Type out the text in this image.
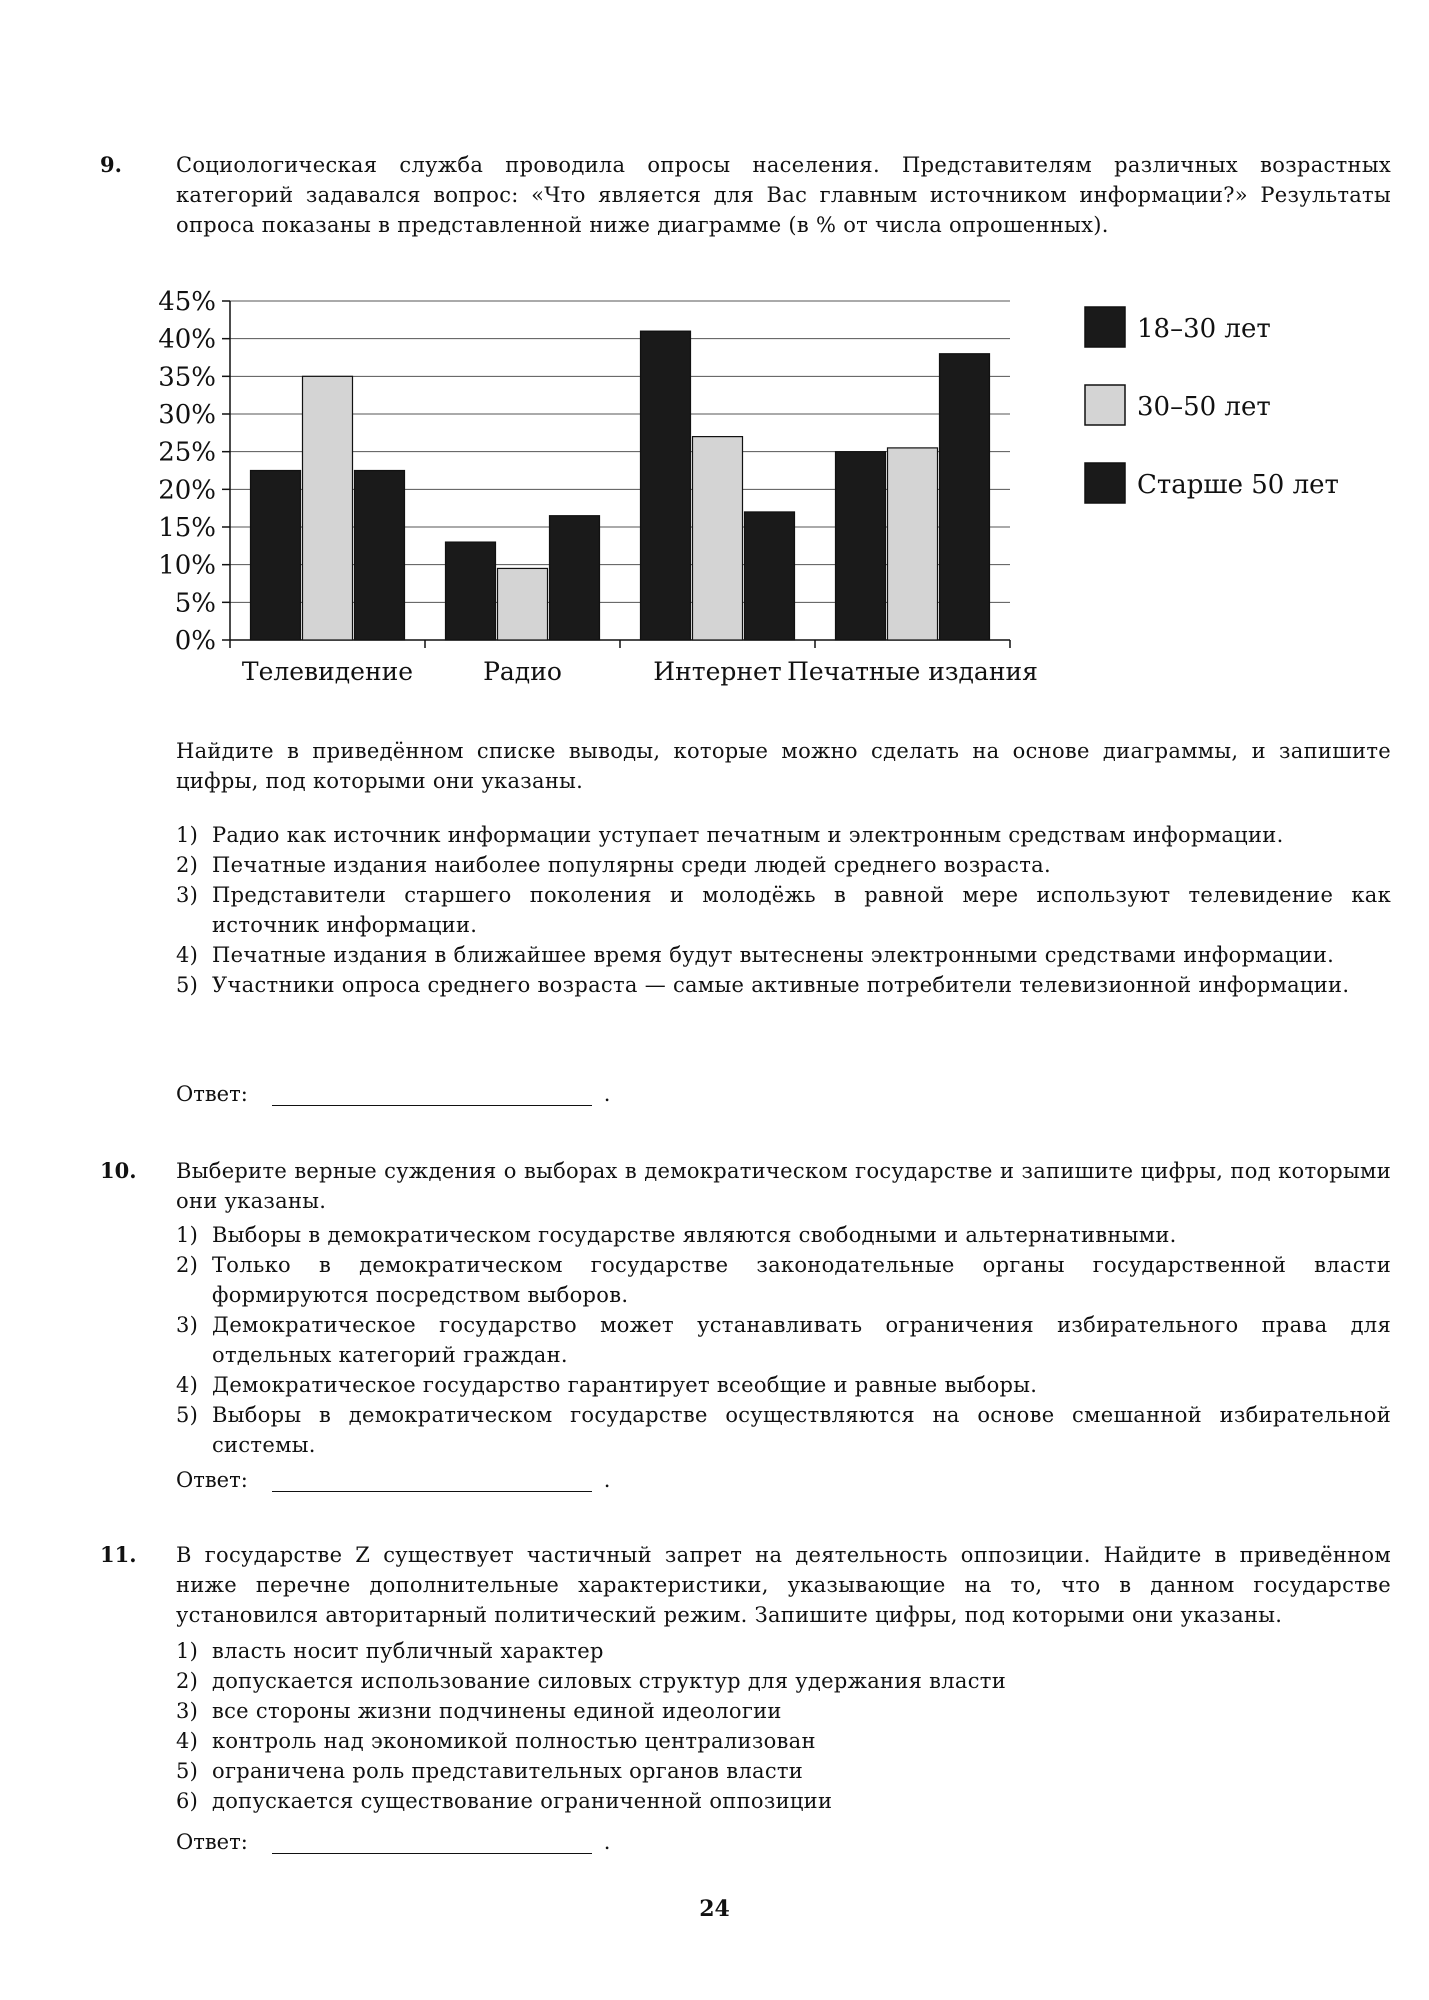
9.	Социологическая служба проводила опросы населения. Представителям различных возрастных категорий задавался вопрос: «Что является для Вас главным источником информации?» Результаты опроса показаны в представленной ниже диаграмме (в % от числа опрошенных).
0%
5%
10%
15%
20%
25%
30%
35%
40%
45%
Телевидение	Радио	Интернет Печатные издания
18–30 лет
30–50 лет
Старше 50 лет
Найдите в приведённом списке выводы, которые можно сделать на основе диаграммы, и запишите цифры, под которыми они указаны.
1) Радио как источник информации уступает печатным и электронным средствам информации.
2) Печатные издания наиболее популярны среди людей среднего возраста.
3) Представители старшего поколения и молодёжь в равной мере используют телевидение как источник информации.
4) Печатные издания в ближайшее время будут вытеснены электронными средствами информации.
5) Участники опроса среднего возраста — самые активные потребители телевизионной информации.
Ответ:	.
10.	Выберите верные суждения о выборах в демократическом государстве и запишите цифры, под которыми они указаны.
1) Выборы в демократическом государстве являются свободными и альтернативными.
2) Только в демократическом государстве законодательные органы государственной власти формируются посредством выборов.
3) Демократическое государство может устанавливать ограничения избирательного права для отдельных категорий граждан.
4) Демократическое государство гарантирует всеобщие и равные выборы.
5) Выборы в демократическом государстве осуществляются на основе смешанной избирательной системы.
Ответ:	.
11.	В государстве Z существует частичный запрет на деятельность оппозиции. Найдите в приведённом ниже перечне дополнительные характеристики, указывающие на то, что в данном государстве установился авторитарный политический режим. Запишите цифры, под которыми они указаны.
1) власть носит публичный характер
2) допускается использование силовых структур для удержания власти
3) все стороны жизни подчинены единой идеологии
4) контроль над экономикой полностью централизован
5) ограничена роль представительных органов власти
6) допускается существование ограниченной оппозиции
Ответ:	.
24
